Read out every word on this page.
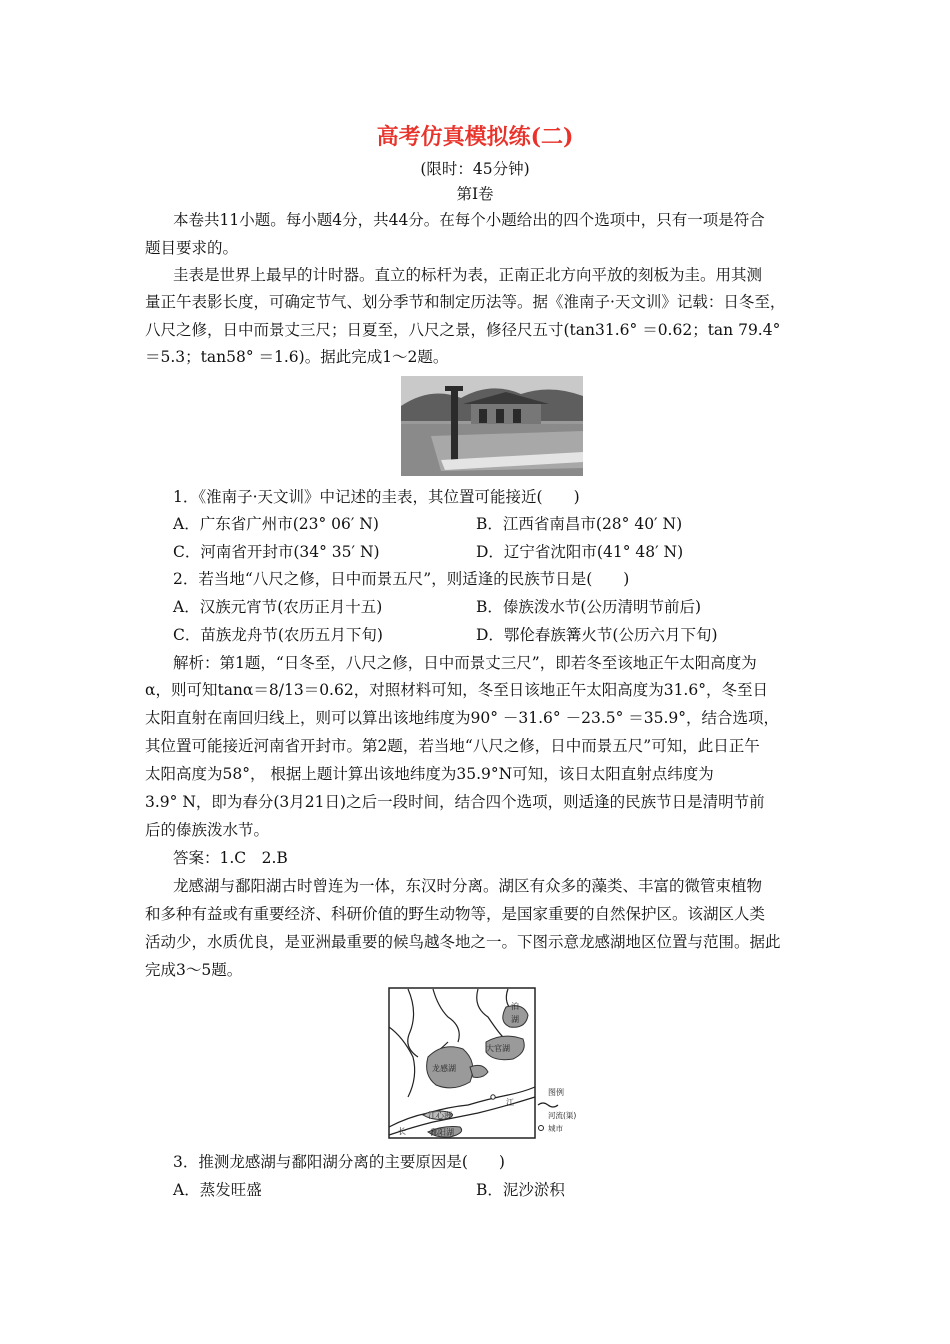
高考仿真模拟练(二)
(限时：45分钟)
第Ⅰ卷
本卷共11小题。每小题4分，共44分。在每个小题给出的四个选项中，只有一项是符合
题目要求的。
圭表是世界上最早的计时器。直立的标杆为表，正南正北方向平放的刻板为圭。用其测
量正午表影长度，可确定节气、划分季节和制定历法等。据《淮南子·天文训》记载：日冬至，
八尺之修，日中而景丈三尺；日夏至，八尺之景，修径尺五寸(tan31.6° ＝0.62；tan 79.4°
＝5.3；tan58° ＝1.6)。据此完成1～2题。
1．《淮南子·天文训》中记述的圭表，其位置可能接近(　　)
A．广东省广州市(23° 06′ N)	B．江西省南昌市(28° 40′ N)
C．河南省开封市(34° 35′ N)	D．辽宁省沈阳市(41° 48′ N)
2．若当地“八尺之修，日中而景五尺”，则适逢的民族节日是(　　)
A．汉族元宵节(农历正月十五)	B．傣族泼水节(公历清明节前后)
C．苗族龙舟节(农历五月下旬)	D．鄂伦春族篝火节(公历六月下旬)
解析：第1题，“日冬至，八尺之修，日中而景丈三尺”，即若冬至该地正午太阳高度为
α，则可知tanα＝8/13＝0.62，对照材料可知，冬至日该地正午太阳高度为31.6°，冬至日
太阳直射在南回归线上，则可以算出该地纬度为90° －31.6° －23.5° ＝35.9°，结合选项，
其位置可能接近河南省开封市。第2题，若当地“八尺之修，日中而景五尺”可知，此日正午
太阳高度为58°， 根据上题计算出该地纬度为35.9°N可知，该日太阳直射点纬度为
3.9° N，即为春分(3月21日)之后一段时间，结合四个选项，则适逢的民族节日是清明节前
后的傣族泼水节。
答案：1.C　2.B
龙感湖与鄱阳湖古时曾连为一体，东汉时分离。湖区有众多的藻类、丰富的微管束植物
和多种有益或有重要经济、科研价值的野生动物等，是国家重要的自然保护区。该湖区人类
活动少，水质优良，是亚洲最重要的候鸟越冬地之一。下图示意龙感湖地区位置与范围。据此
完成3～5题。
泊
湖
大官湖
龙感湖
江心洲
鄱阳湖
江
长
图例
河流(渠)
城市
3．推测龙感湖与鄱阳湖分离的主要原因是(　　)
A．蒸发旺盛	B．泥沙淤积
